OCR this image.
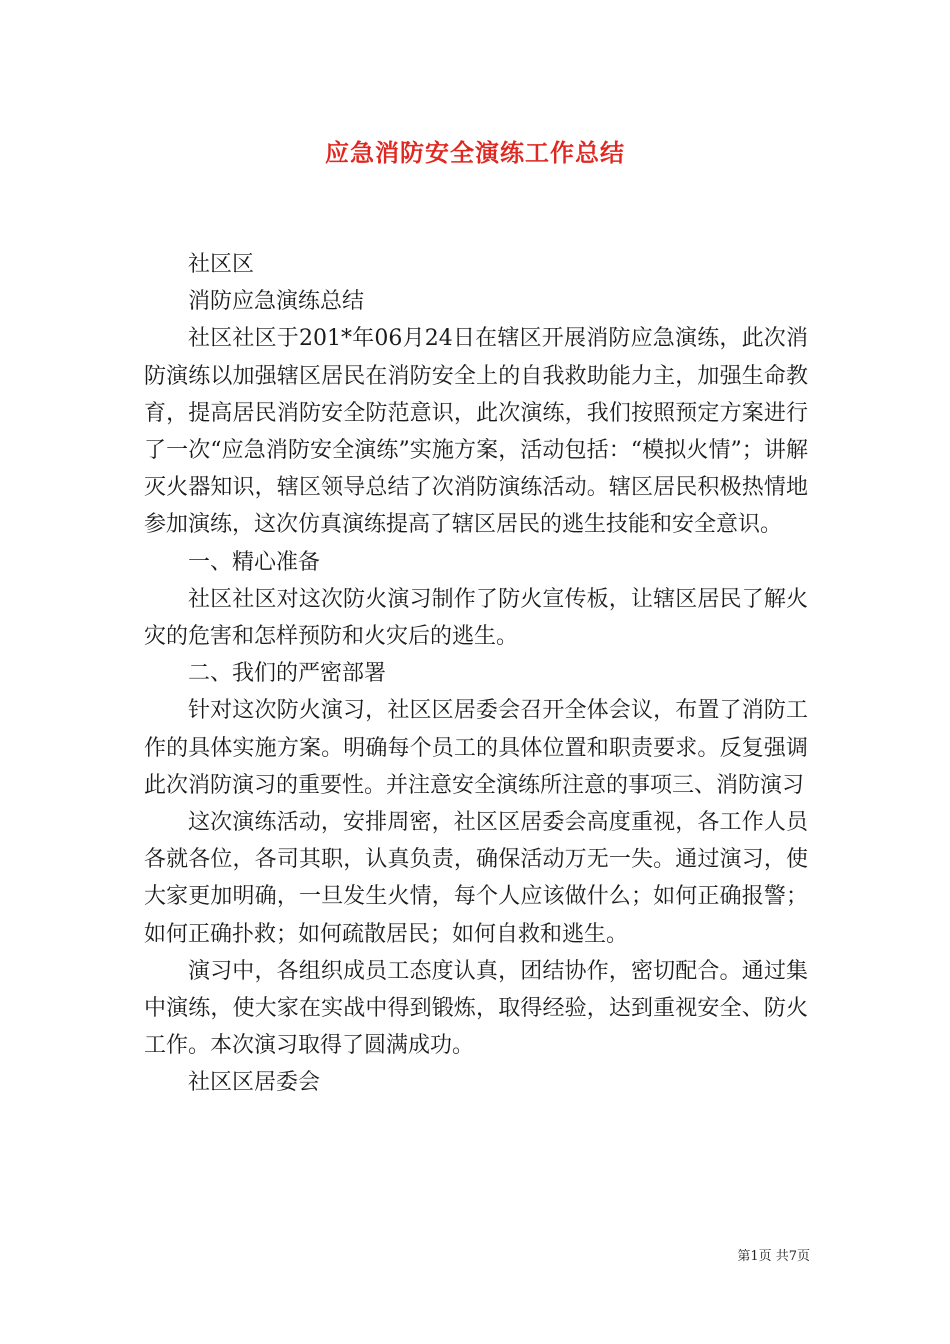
应急消防安全演练工作总结

社区区

消防应急演练总结

社区社区于201*年06月24日在辖区开展消防应急演练，此次消防演练以加强辖区居民在消防安全上的自我救助能力主，加强生命教育，提高居民消防安全防范意识，此次演练，我们按照预定方案进行了一次“应急消防安全演练”实施方案，活动包括：“模拟火情”；讲解灭火器知识，辖区领导总结了次消防演练活动。辖区居民积极热情地参加演练，这次仿真演练提高了辖区居民的逃生技能和安全意识。

一、精心准备

社区社区对这次防火演习制作了防火宣传板，让辖区居民了解火灾的危害和怎样预防和火灾后的逃生。

二、我们的严密部署

针对这次防火演习，社区区居委会召开全体会议，布置了消防工作的具体实施方案。明确每个员工的具体位置和职责要求。反复强调此次消防演习的重要性。并注意安全演练所注意的事项三、消防演习

这次演练活动，安排周密，社区区居委会高度重视，各工作人员各就各位，各司其职，认真负责，确保活动万无一失。通过演习，使大家更加明确，一旦发生火情，每个人应该做什么；如何正确报警；如何正确扑救；如何疏散居民；如何自救和逃生。

演习中，各组织成员工态度认真，团结协作，密切配合。通过集中演练，使大家在实战中得到锻炼，取得经验，达到重视安全、防火工作。本次演习取得了圆满成功。

社区区居委会

第1页 共7页
